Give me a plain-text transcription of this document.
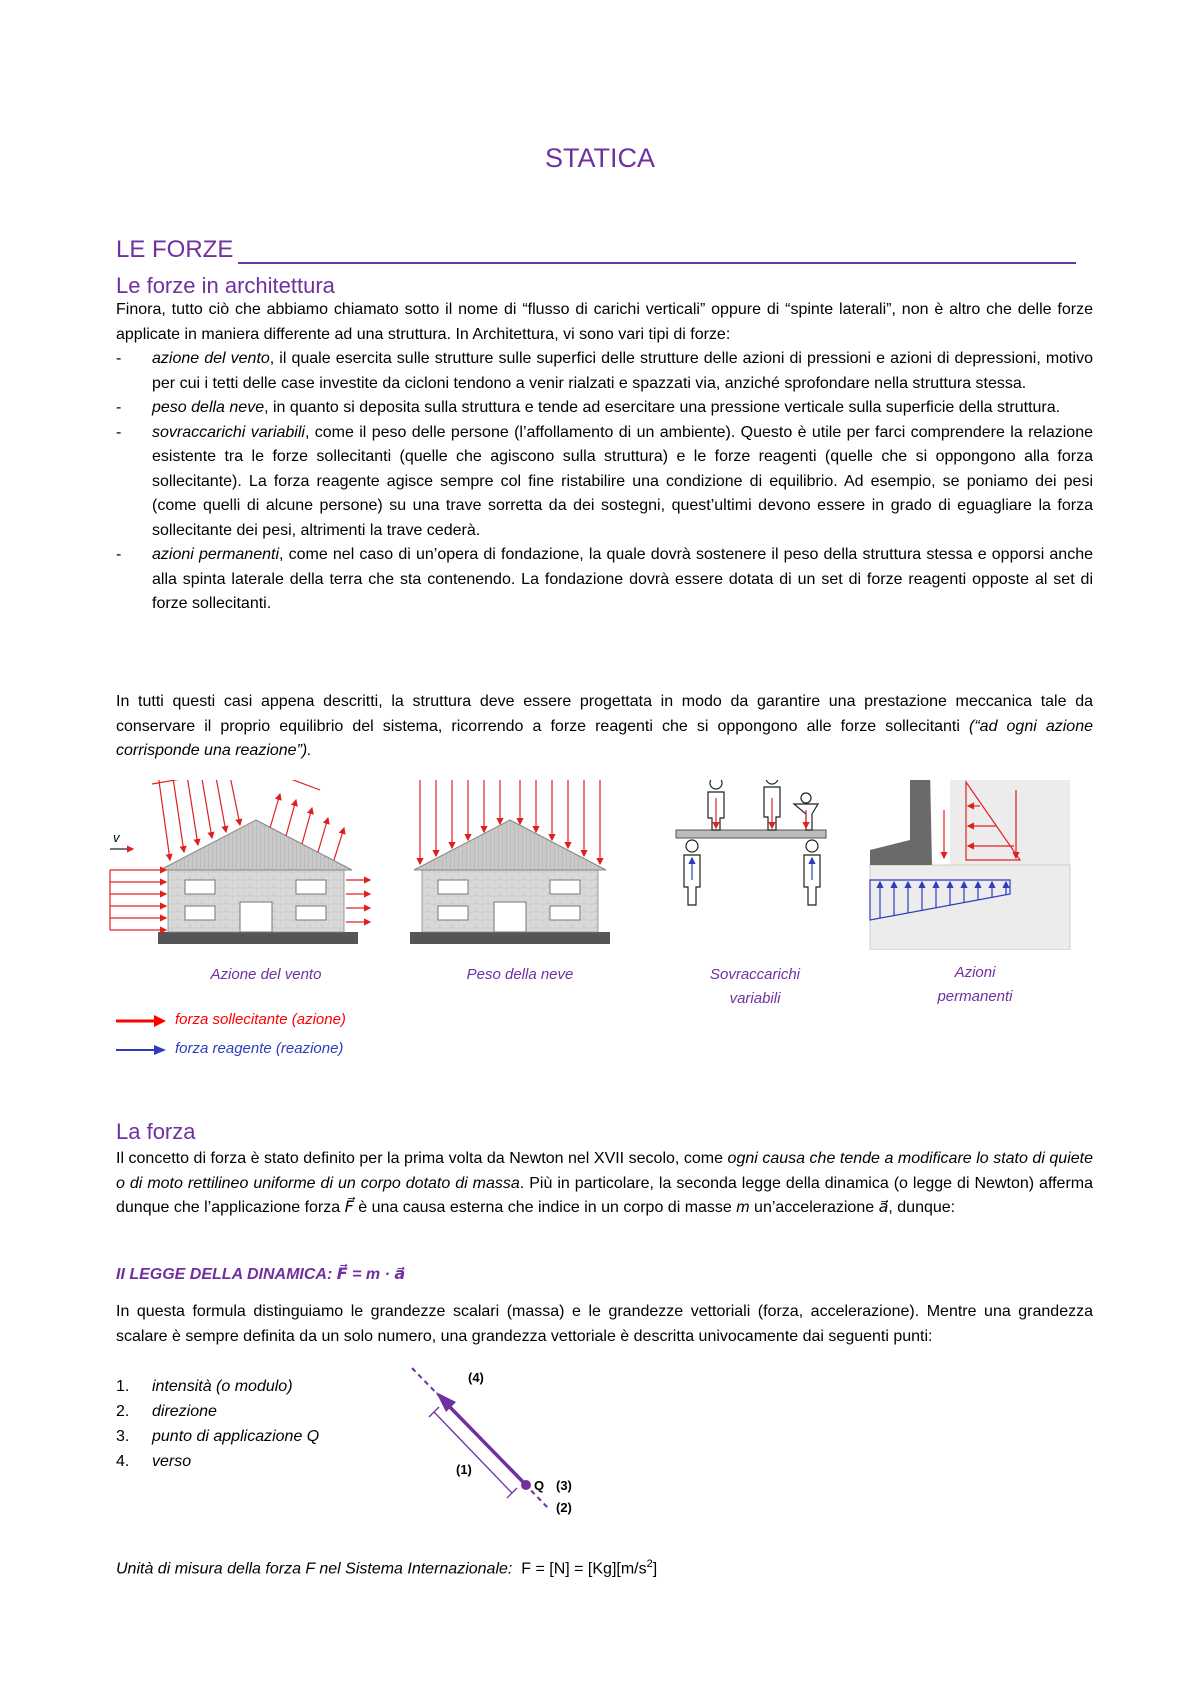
STATICA
LE FORZE
Le forze in architettura

Finora, tutto ciò che abbiamo chiamato sotto il nome di “flusso di carichi verticali” oppure di “spinte laterali”, non è altro che delle forze applicate in maniera differente ad una struttura. In Architettura, vi sono vari tipi di forze:

- azione del vento, il quale esercita sulle strutture sulle superfici delle strutture delle azioni di pressioni e azioni di depressioni, motivo per cui i tetti delle case investite da cicloni tendono a venir rialzati e spazzati via, anziché sprofondare nella struttura stessa.
- peso della neve, in quanto si deposita sulla struttura e tende ad esercitare una pressione verticale sulla superficie della struttura.
- sovraccarichi variabili, come il peso delle persone (l’affollamento di un ambiente). Questo è utile per farci comprendere la relazione esistente tra le forze sollecitanti (quelle che agiscono sulla struttura) e le forze reagenti (quelle che si oppongono alla forza sollecitante). La forza reagente agisce sempre col fine ristabilire una condizione di equilibrio. Ad esempio, se poniamo dei pesi (come quelli di alcune persone) su una trave sorretta da dei sostegni, quest’ultimi devono essere in grado di eguagliare la forza sollecitante dei pesi, altrimenti la trave cederà.
- azioni permanenti, come nel caso di un’opera di fondazione, la quale dovrà sostenere il peso della struttura stessa e opporsi anche alla spinta laterale della terra che sta contenendo. La fondazione dovrà essere dotata di un set di forze reagenti opposte al set di forze sollecitanti.

In tutti questi casi appena descritti, la struttura deve essere progettata in modo da garantire una prestazione meccanica tale da conservare il proprio equilibrio del sistema, ricorrendo a forze reagenti che si oppongono alle forze sollecitanti (“ad ogni azione corrisponde una reazione”).

v
Azione del vento	Peso della neve	Sovraccarichi
variabili
Azioni
permanenti
forza sollecitante (azione)
forza reagente (reazione)
La forza

Il concetto di forza è stato definito per la prima volta da Newton nel XVII secolo, come ogni causa che tende a modificare lo stato di quiete o di moto rettilineo uniforme di un corpo dotato di massa. Più in particolare, la seconda legge della dinamica (o legge di Newton) afferma dunque che l’applicazione forza F⃗ è una causa esterna che indice in un corpo di masse m un’accelerazione a⃗, dunque:

II LEGGE DELLA DINAMICA: F⃗ = m · a⃗

In questa formula distinguiamo le grandezze scalari (massa) e le grandezze vettoriali (forza, accelerazione). Mentre una grandezza scalare è sempre definita da un solo numero, una grandezza vettoriale è descritta univocamente dai seguenti punti:

1. intensità (o modulo)
2. direzione
3. punto di applicazione Q
4. verso
(4)
(1)
Q (3)
(2)

Unità di misura della forza F nel Sistema Internazionale: $F = [N] = [Kg][m/s^2]$
